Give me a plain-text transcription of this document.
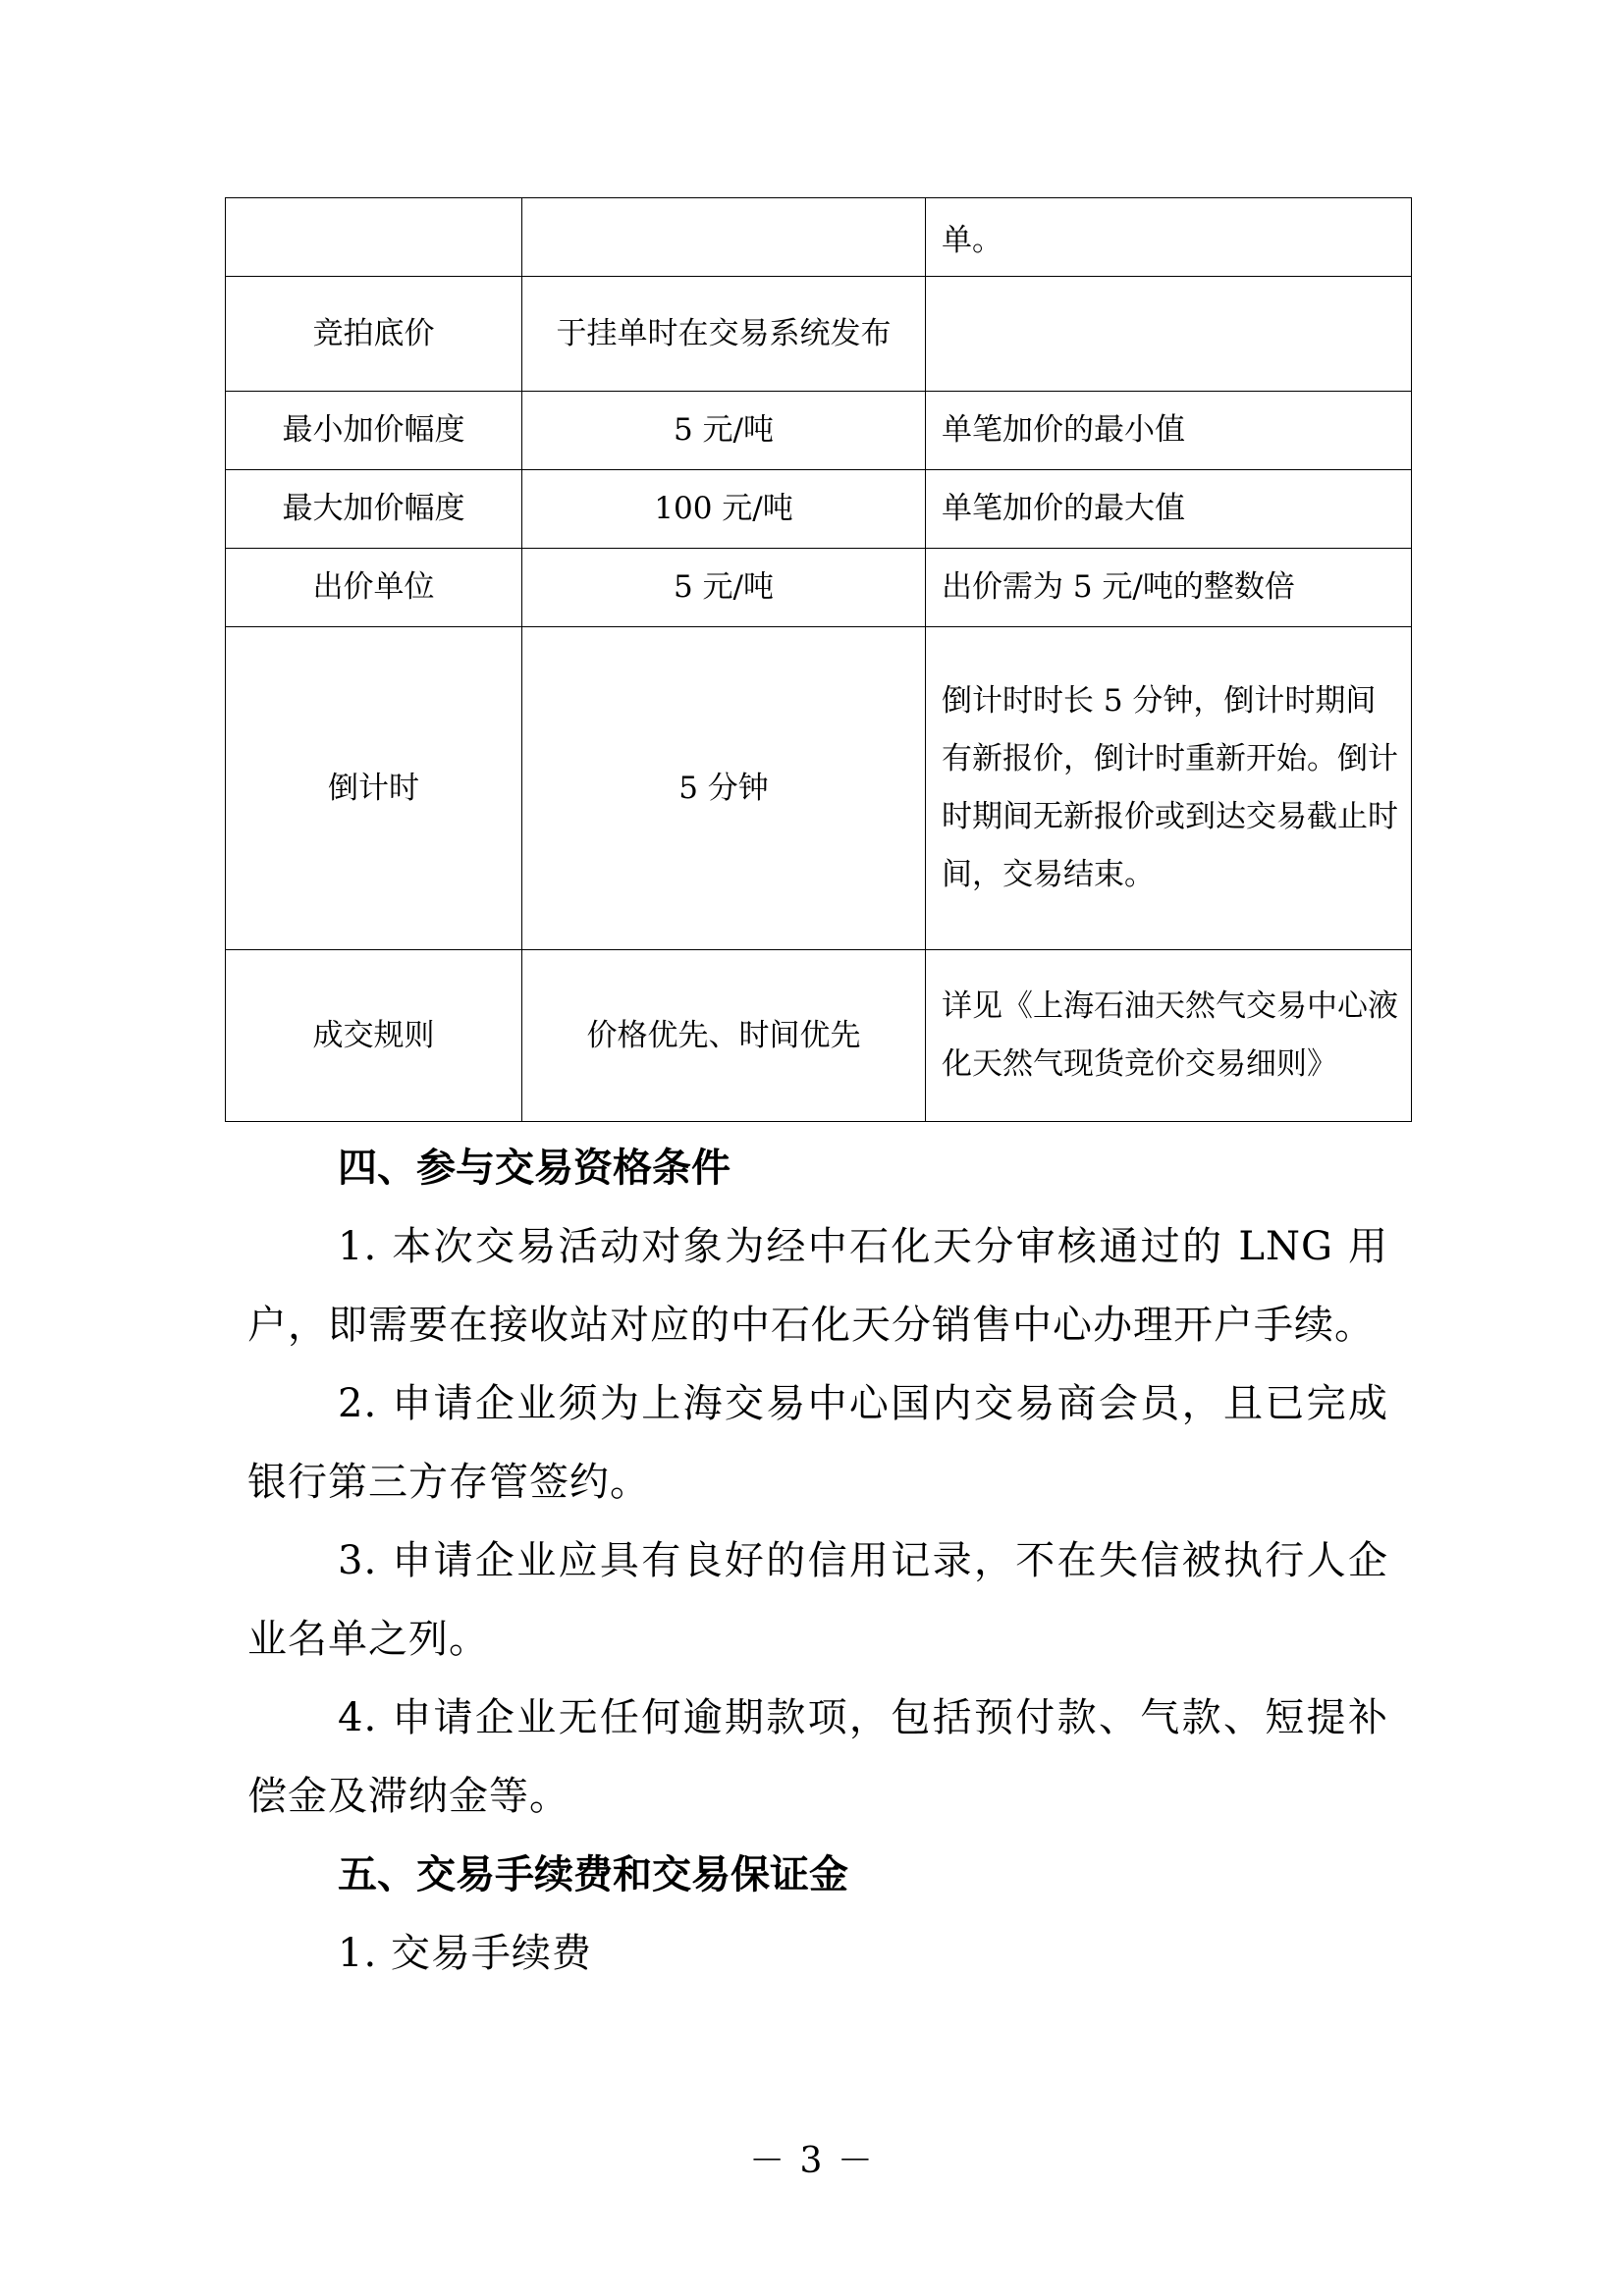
		单。
竞拍底价	于挂单时在交易系统发布	
最小加价幅度	5 元/吨	单笔加价的最小值
最大加价幅度	100 元/吨	单笔加价的最大值
出价单位	5 元/吨	出价需为 5 元/吨的整数倍
倒计时	5 分钟	倒计时时长 5 分钟，倒计时期间有新报价，倒计时重新开始。倒计时期间无新报价或到达交易截止时间，交易结束。
成交规则	价格优先、时间优先	详见《上海石油天然气交易中心液化天然气现货竞价交易细则》

四、参与交易资格条件

1. 本次交易活动对象为经中石化天分审核通过的 LNG 用户，即需要在接收站对应的中石化天分销售中心办理开户手续。

2. 申请企业须为上海交易中心国内交易商会员，且已完成银行第三方存管签约。

3. 申请企业应具有良好的信用记录，不在失信被执行人企业名单之列。

4. 申请企业无任何逾期款项，包括预付款、气款、短提补偿金及滞纳金等。

五、交易手续费和交易保证金

1. 交易手续费

－ 3 －
